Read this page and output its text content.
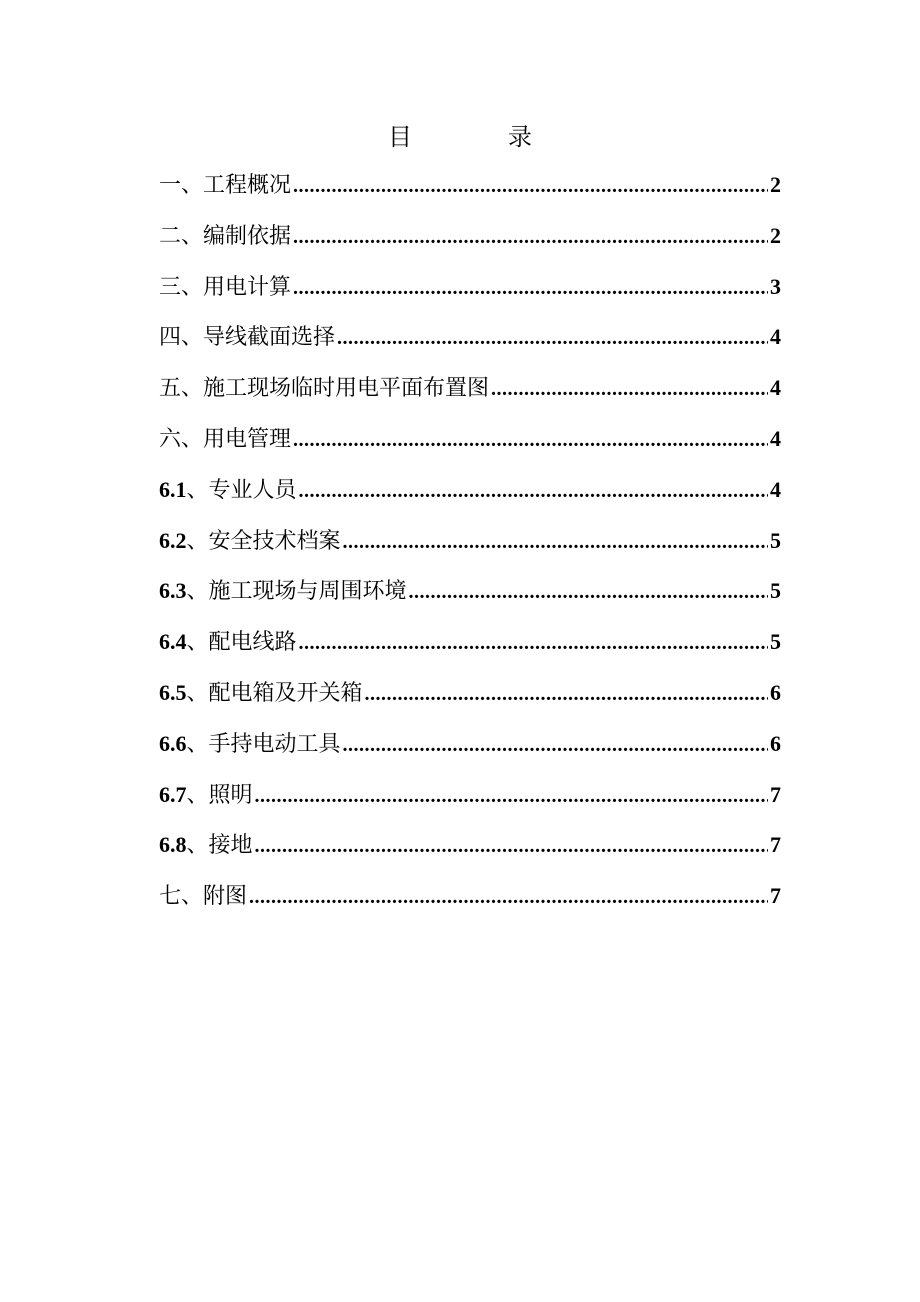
目	录
一、工程概况 .....	2
二、编制依据 .....	2
三、用电计算 .....	3
四、导线截面选择 .....	4
五、施工现场临时用电平面布置图 .....	4
六、用电管理 .....	4
6.1、专业人员 .....	4
6.2、安全技术档案 .....	5
6.3、施工现场与周围环境 .....	5
6.4、配电线路 .....	5
6.5、配电箱及开关箱 .....	6
6.6、手持电动工具 .....	6
6.7、照明 .....	7
6.8、接地 .....	7
七、附图 .....	7
